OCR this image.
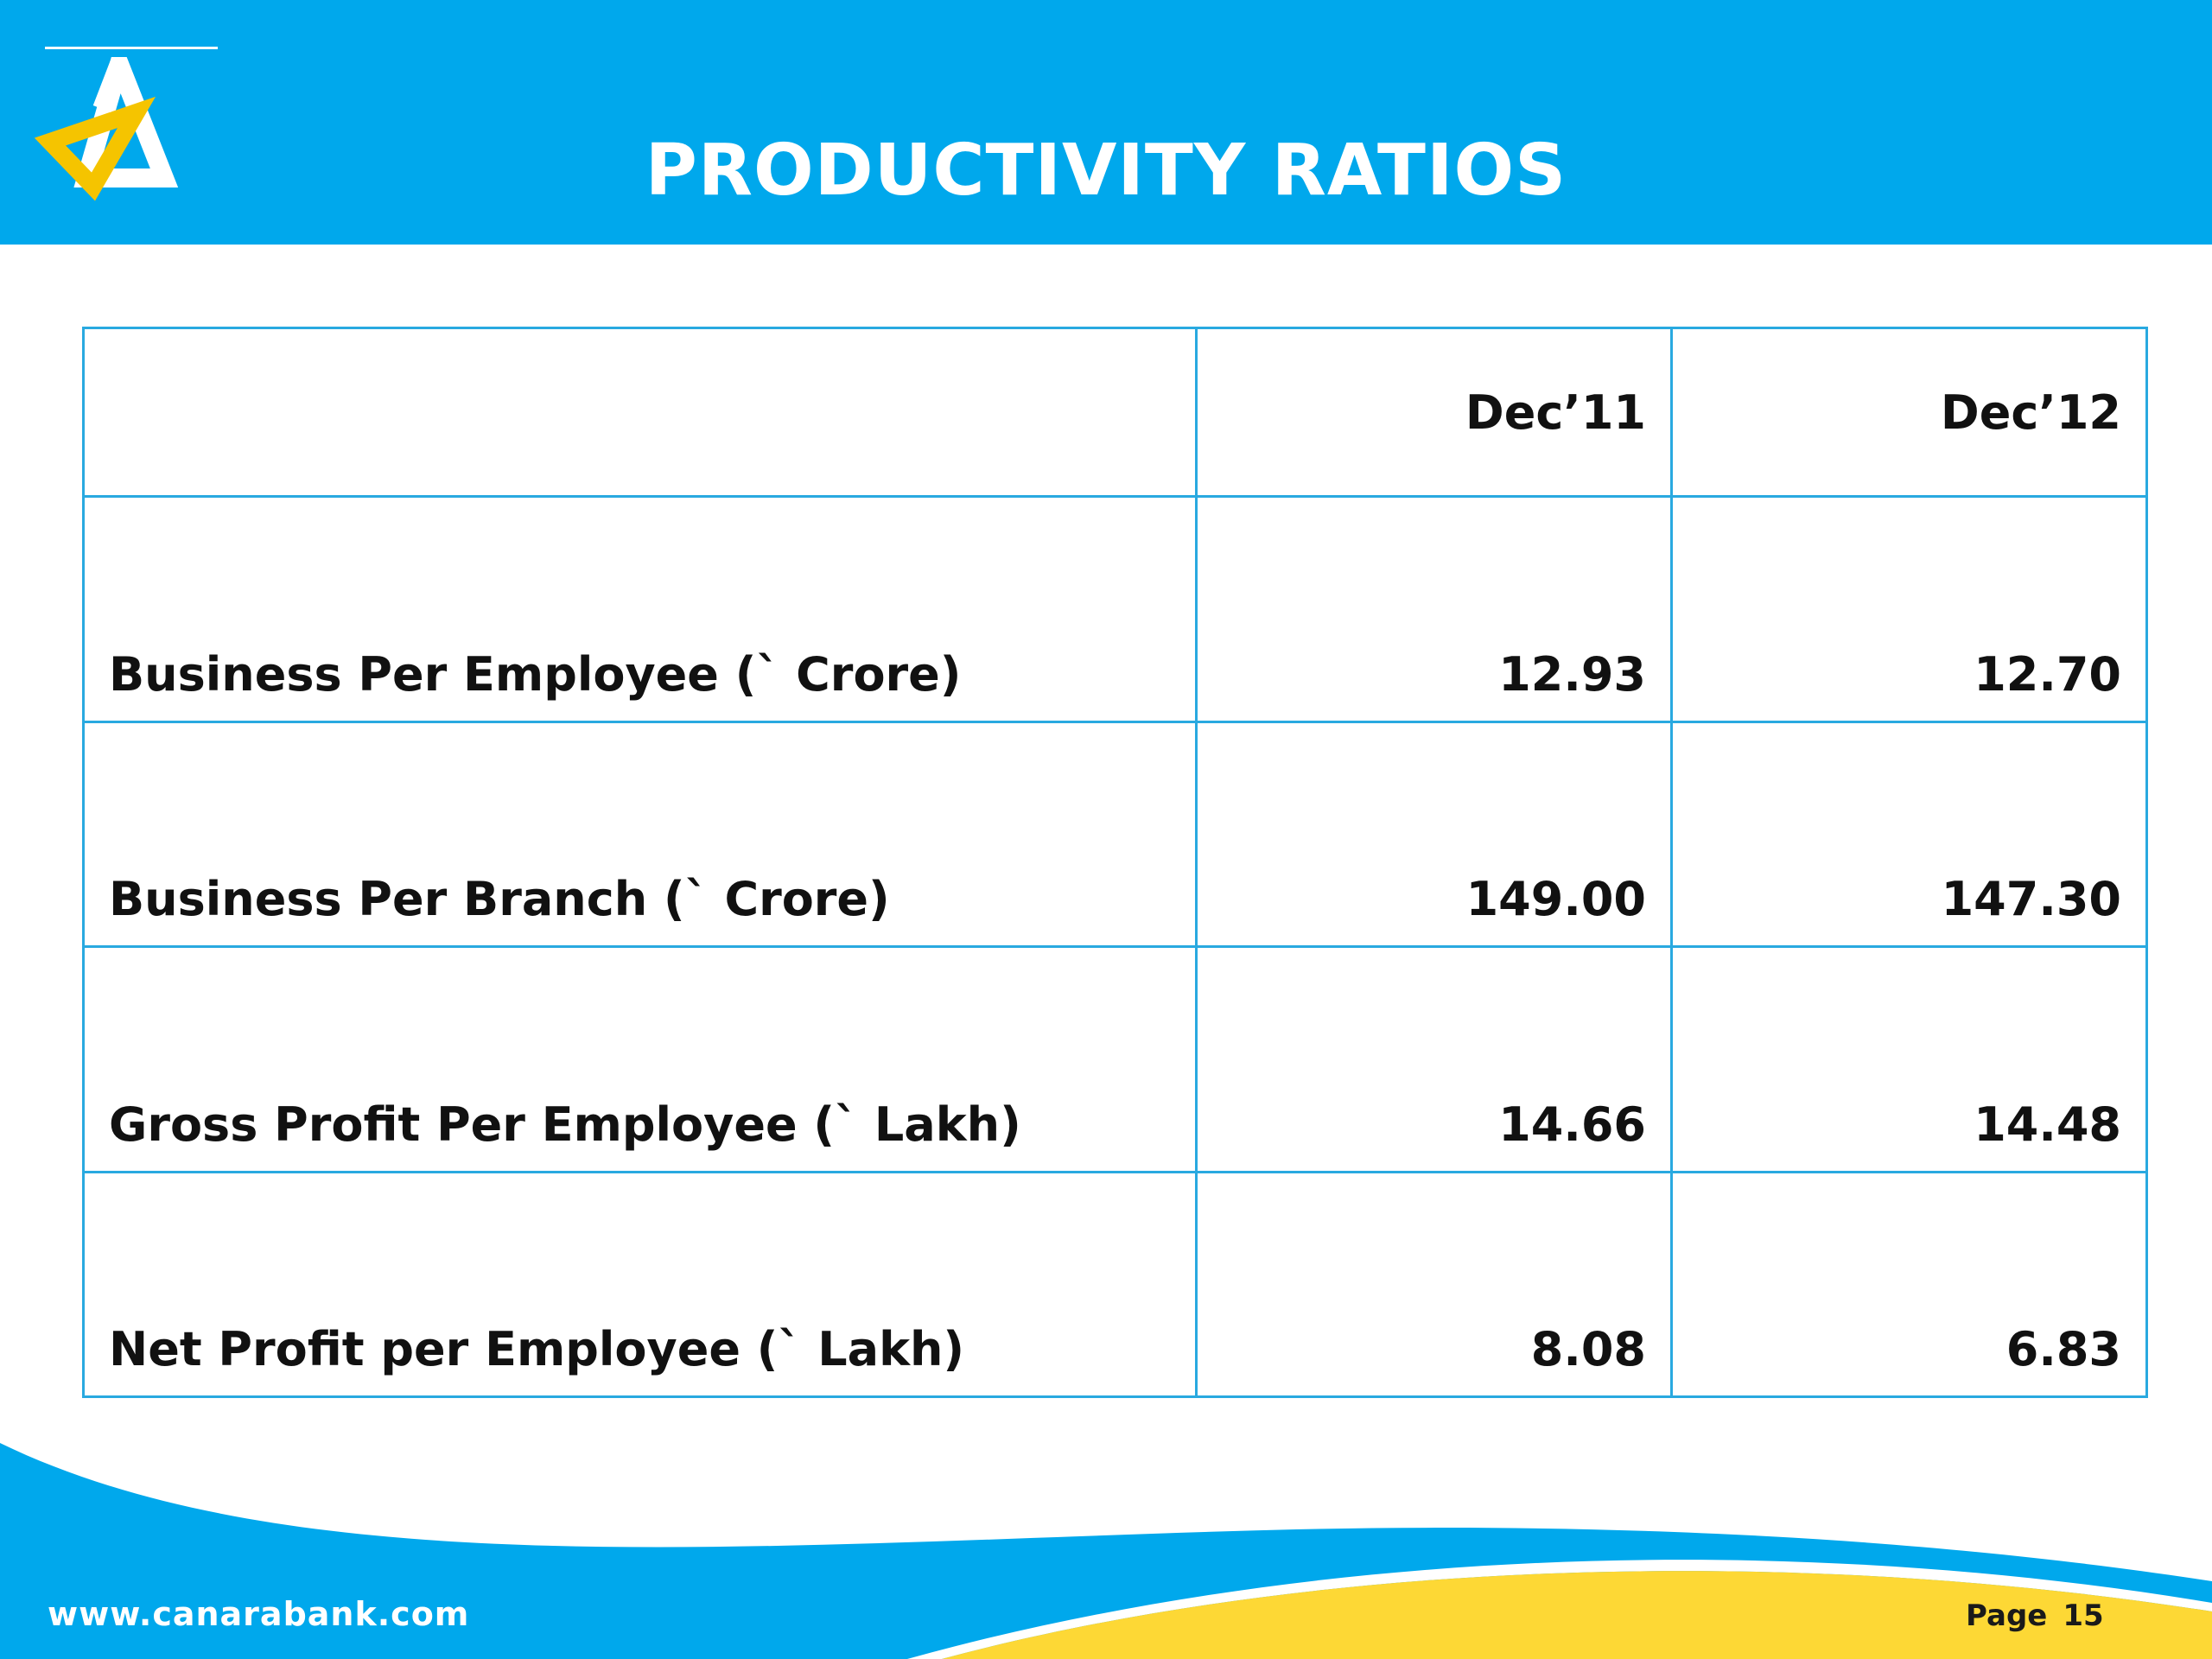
PRODUCTIVITY RATIOS
	Dec’11	Dec’12
Business Per Employee (` Crore)	12.93	12.70
Business Per Branch (` Crore)	149.00	147.30
Gross Profit Per Employee (` Lakh)	14.66	14.48
Net Profit per Employee (` Lakh)	8.08	6.83
www.canarabank.com	Page 15
